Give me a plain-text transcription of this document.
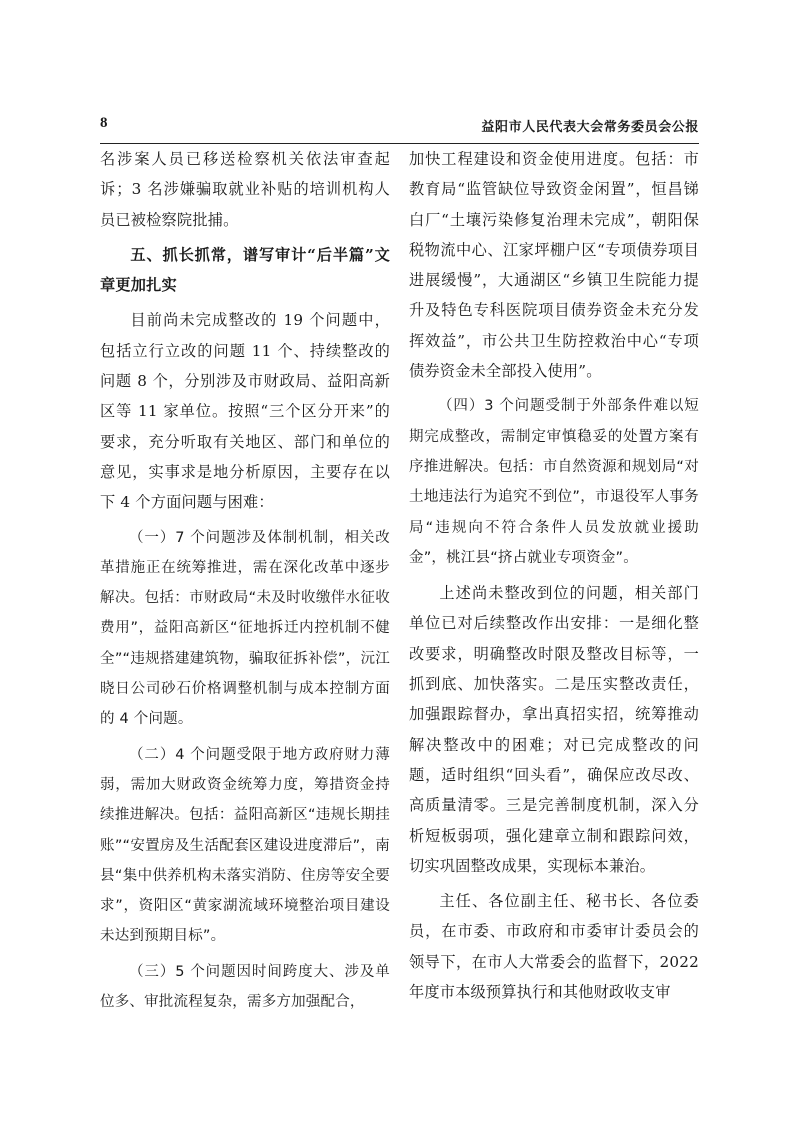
8	益阳市人民代表大会常务委员会公报

名涉案人员已移送检察机关依法审查起诉；3 名涉嫌骗取就业补贴的培训机构人员已被检察院批捕。

五、抓长抓常，谱写审计“后半篇”文章更加扎实

目前尚未完成整改的 19 个问题中，包括立行立改的问题 11 个、持续整改的问题 8 个，分别涉及市财政局、益阳高新区等 11 家单位。按照“三个区分开来”的要求，充分听取有关地区、部门和单位的意见，实事求是地分析原因，主要存在以下 4 个方面问题与困难：

（一）7 个问题涉及体制机制，相关改革措施正在统筹推进，需在深化改革中逐步解决。包括：市财政局“未及时收缴伴水征收费用”，益阳高新区“征地拆迁内控机制不健全”“违规搭建建筑物，骗取征拆补偿”，沅江晓日公司砂石价格调整机制与成本控制方面的 4 个问题。

（二）4 个问题受限于地方政府财力薄弱，需加大财政资金统筹力度，筹措资金持续推进解决。包括：益阳高新区“违规长期挂账”“安置房及生活配套区建设进度滞后”，南县“集中供养机构未落实消防、住房等安全要求”，资阳区“黄家湖流域环境整治项目建设未达到预期目标”。

（三）5 个问题因时间跨度大、涉及单位多、审批流程复杂，需多方加强配合，

加快工程建设和资金使用进度。包括：市教育局“监管缺位导致资金闲置”，恒昌锑白厂“土壤污染修复治理未完成”，朝阳保税物流中心、江家坪棚户区“专项债券项目进展缓慢”，大通湖区“乡镇卫生院能力提升及特色专科医院项目债券资金未充分发挥效益”，市公共卫生防控救治中心“专项债券资金未全部投入使用”。

（四）3 个问题受制于外部条件难以短期完成整改，需制定审慎稳妥的处置方案有序推进解决。包括：市自然资源和规划局“对土地违法行为追究不到位”，市退役军人事务局“违规向不符合条件人员发放就业援助金”，桃江县“挤占就业专项资金”。

上述尚未整改到位的问题，相关部门单位已对后续整改作出安排：一是细化整改要求，明确整改时限及整改目标等，一抓到底、加快落实。二是压实整改责任，加强跟踪督办，拿出真招实招，统筹推动解决整改中的困难；对已完成整改的问题，适时组织“回头看”，确保应改尽改、高质量清零。三是完善制度机制，深入分析短板弱项，强化建章立制和跟踪问效，切实巩固整改成果，实现标本兼治。

主任、各位副主任、秘书长、各位委员，在市委、市政府和市委审计委员会的领导下，在市人大常委会的监督下，2022 年度市本级预算执行和其他财政收支审
